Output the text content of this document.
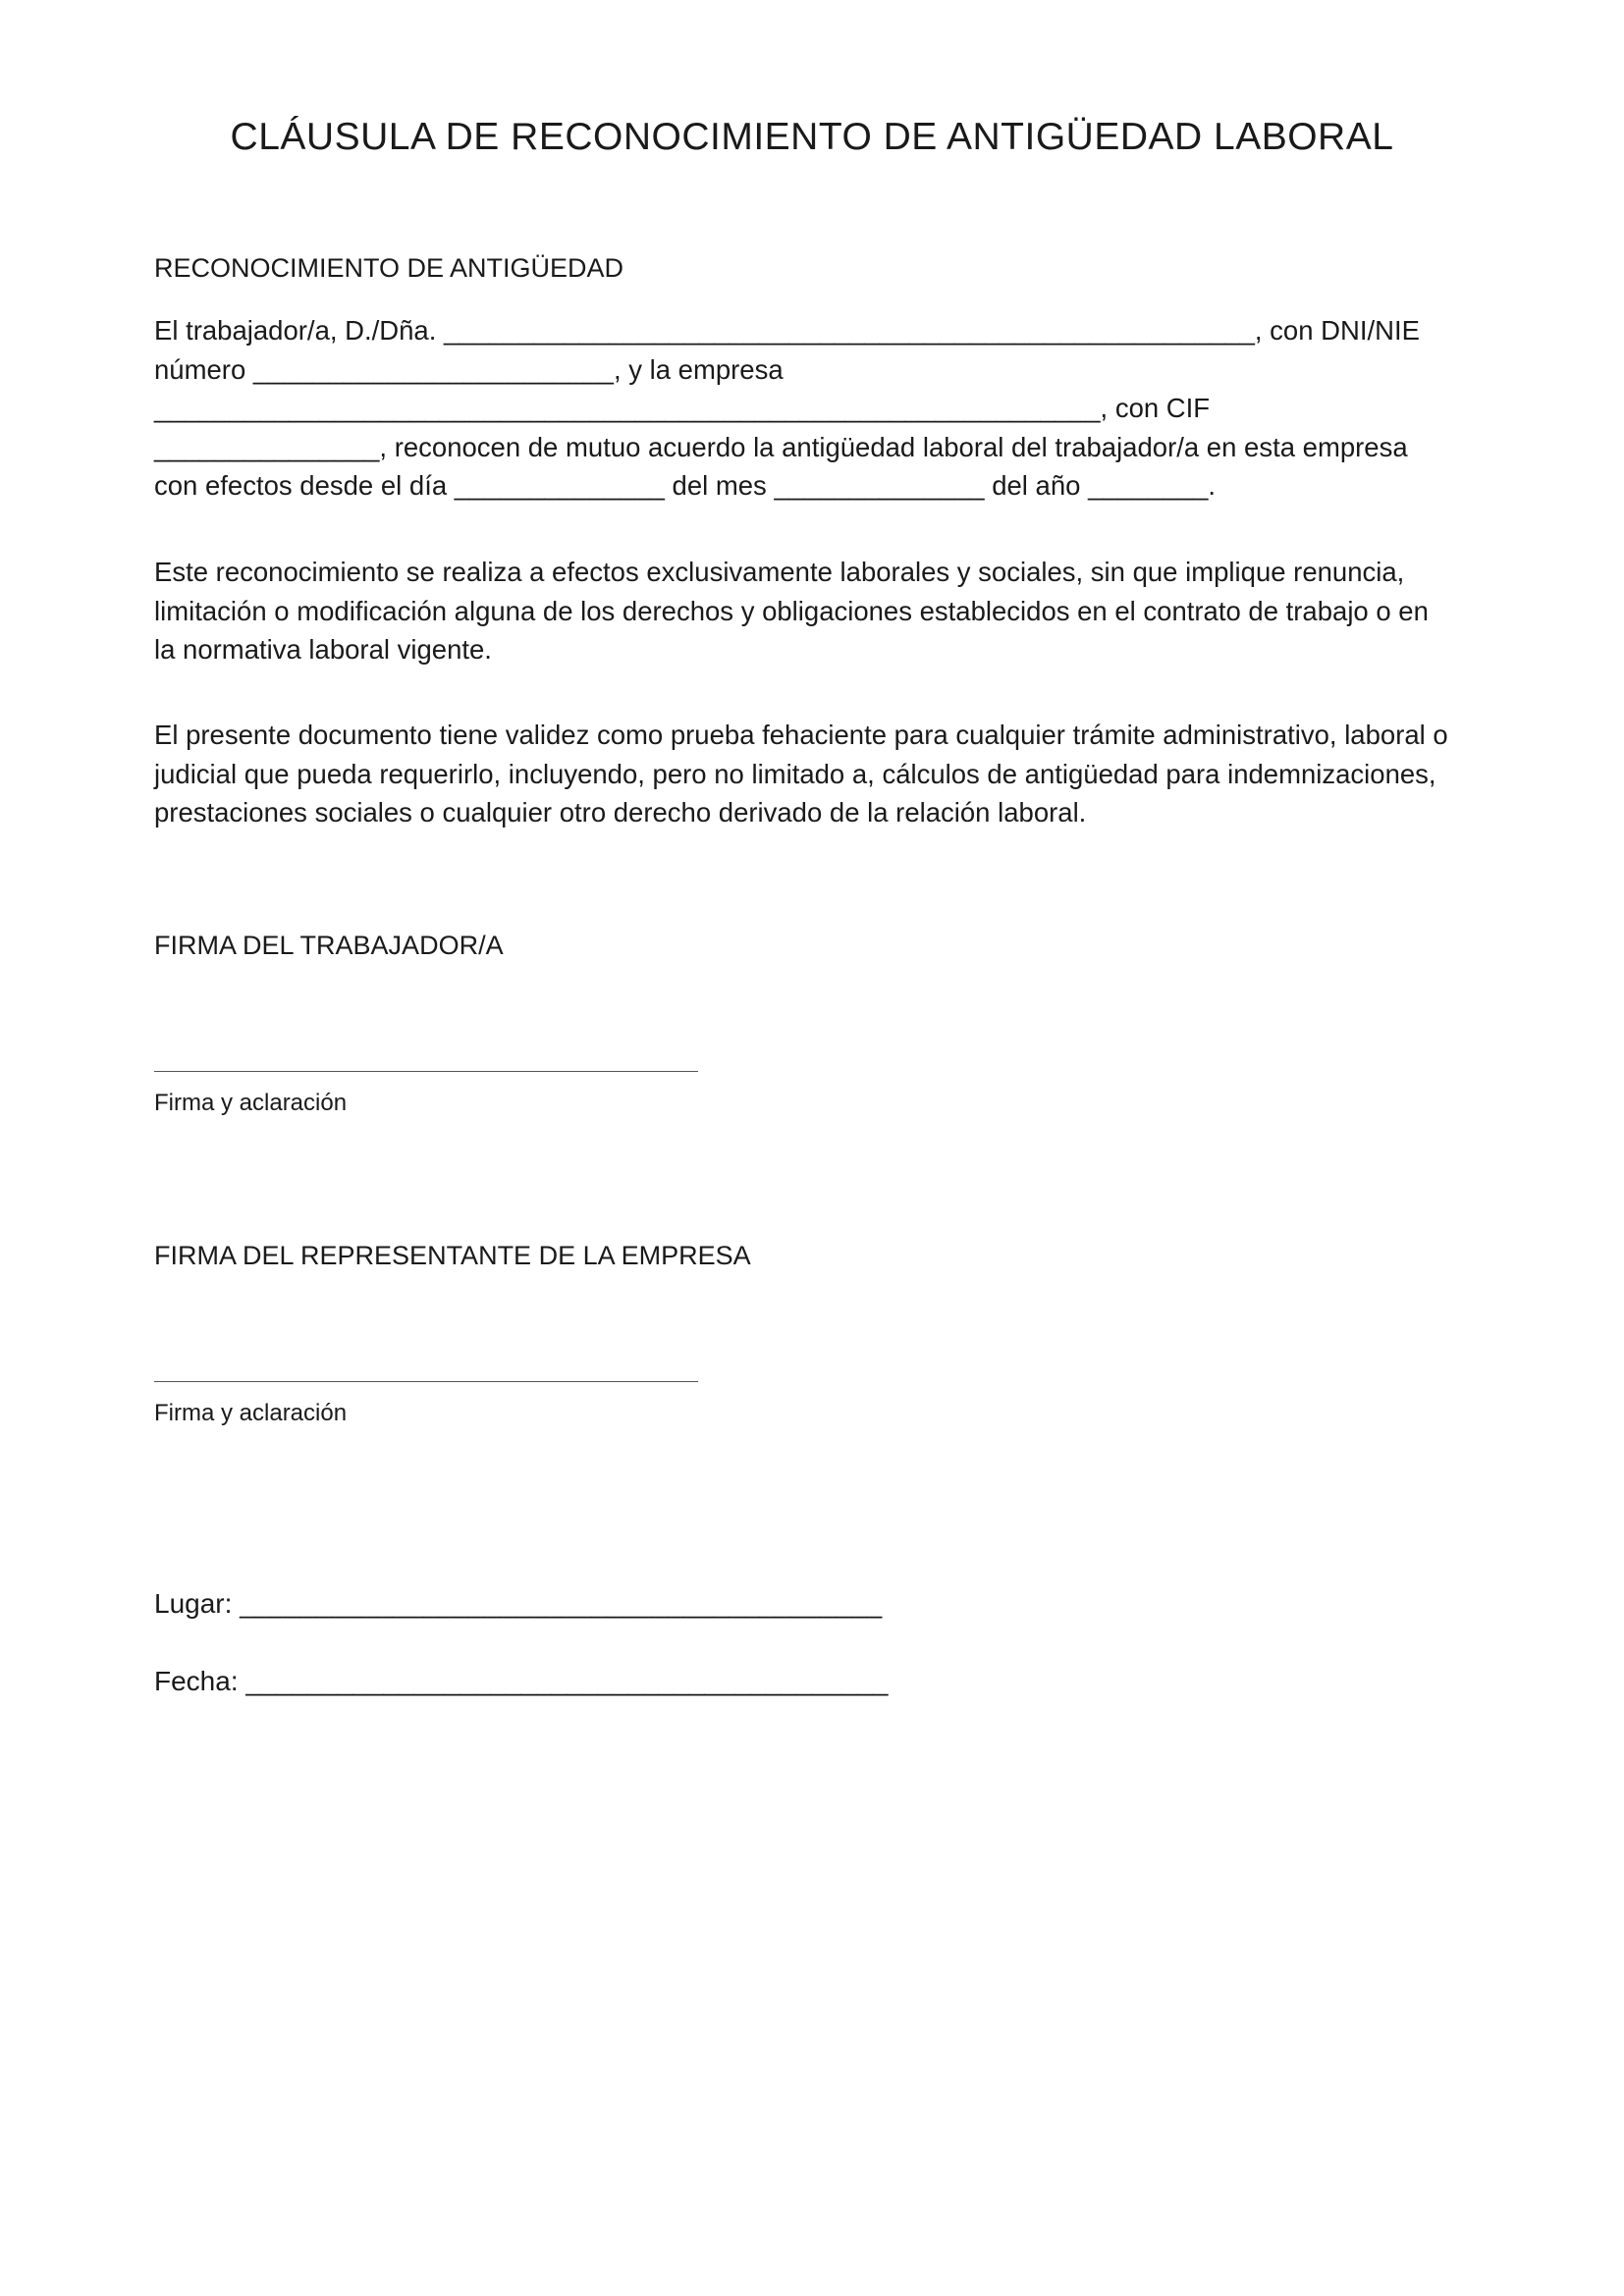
CLÁUSULA DE RECONOCIMIENTO DE ANTIGÜEDAD LABORAL
RECONOCIMIENTO DE ANTIGÜEDAD

El trabajador/a, D./Dña. ______________________________________________________, con DNI/NIE
número ________________________, y la empresa
_______________________________________________________________, con CIF
_______________, reconocen de mutuo acuerdo la antigüedad laboral del trabajador/a en esta empresa
con efectos desde el día ______________ del mes ______________ del año ________.

Este reconocimiento se realiza a efectos exclusivamente laborales y sociales, sin que implique renuncia,
limitación o modificación alguna de los derechos y obligaciones establecidos en el contrato de trabajo o en
la normativa laboral vigente.

El presente documento tiene validez como prueba fehaciente para cualquier trámite administrativo, laboral o
judicial que pueda requerirlo, incluyendo, pero no limitado a, cálculos de antigüedad para indemnizaciones,
prestaciones sociales o cualquier otro derecho derivado de la relación laboral.

FIRMA DEL TRABAJADOR/A

Firma y aclaración

FIRMA DEL REPRESENTANTE DE LA EMPRESA

Firma y aclaración

Lugar: __________________________________________

Fecha: __________________________________________
